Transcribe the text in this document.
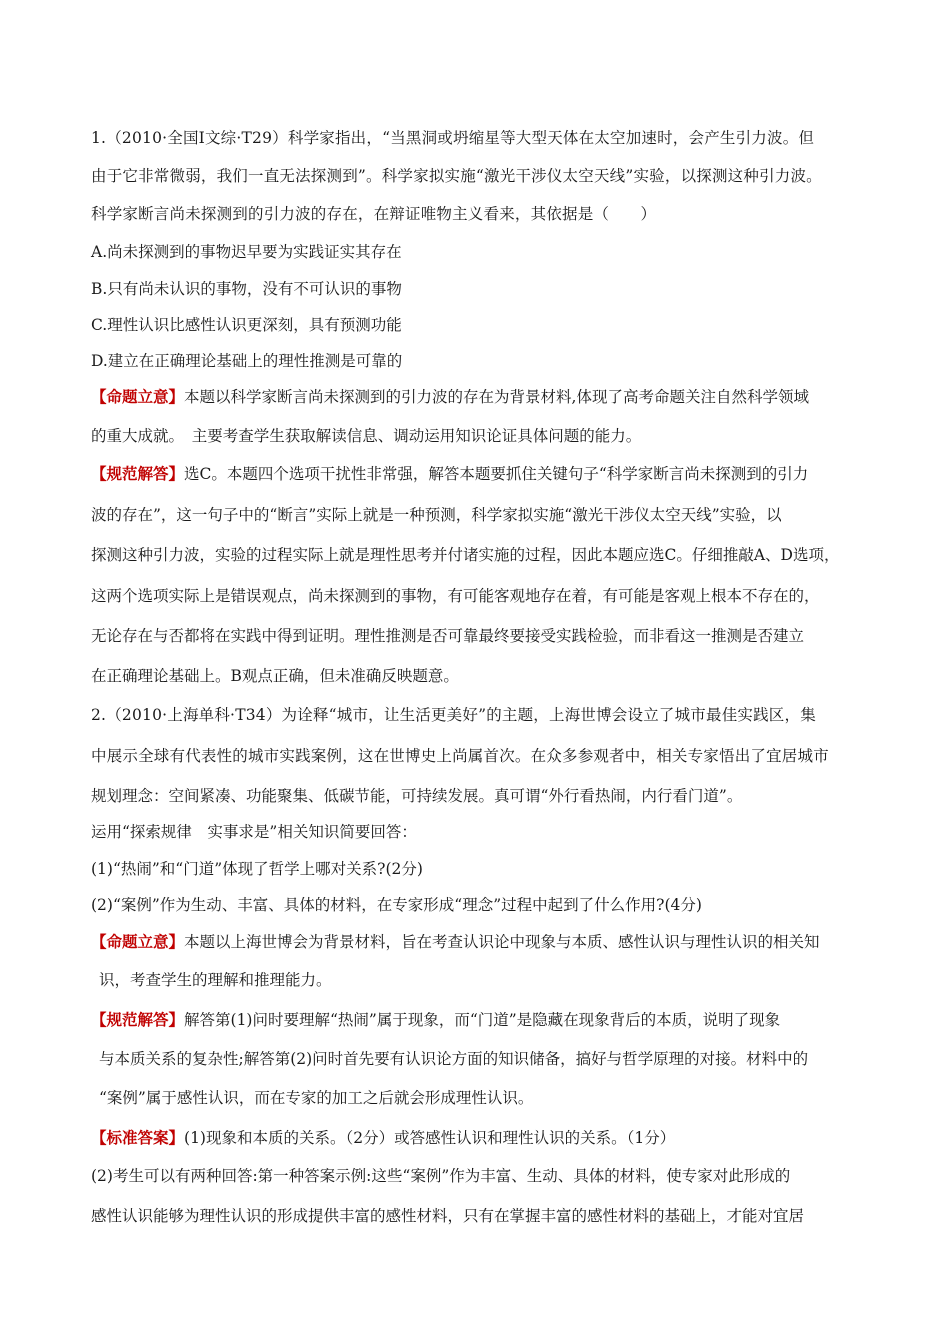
1.（2010·全国Ⅰ文综·T29）科学家指出，“当黑洞或坍缩星等大型天体在太空加速时，会产生引力波。但
由于它非常微弱，我们一直无法探测到”。科学家拟实施“激光干涉仪太空天线”实验，以探测这种引力波。
科学家断言尚未探测到的引力波的存在，在辩证唯物主义看来，其依据是（　　）
A.尚未探测到的事物迟早要为实践证实其存在
B.只有尚未认识的事物，没有不可认识的事物
C.理性认识比感性认识更深刻，具有预测功能
D.建立在正确理论基础上的理性推测是可靠的
【命题立意】本题以科学家断言尚未探测到的引力波的存在为背景材料,体现了高考命题关注自然科学领域
的重大成就。　主要考查学生获取解读信息、调动运用知识论证具体问题的能力。
【规范解答】选C。本题四个选项干扰性非常强，解答本题要抓住关键句子“科学家断言尚未探测到的引力
波的存在”，这一句子中的“断言”实际上就是一种预测，科学家拟实施“激光干涉仪太空天线”实验，以
探测这种引力波，实验的过程实际上就是理性思考并付诸实施的过程，因此本题应选C。仔细推敲A、D选项，
这两个选项实际上是错误观点，尚未探测到的事物，有可能客观地存在着，有可能是客观上根本不存在的，
无论存在与否都将在实践中得到证明。理性推测是否可靠最终要接受实践检验，而非看这一推测是否建立
在正确理论基础上。B观点正确，但未准确反映题意。
2.（2010·上海单科·T34）为诠释“城市，让生活更美好”的主题，上海世博会设立了城市最佳实践区，集
中展示全球有代表性的城市实践案例，这在世博史上尚属首次。在众多参观者中，相关专家悟出了宜居城市
规划理念：空间紧凑、功能聚集、低碳节能，可持续发展。真可谓“外行看热闹，内行看门道”。
运用“探索规律　实事求是”相关知识简要回答：
(1)“热闹”和“门道”体现了哲学上哪对关系?(2分)
(2)“案例”作为生动、丰富、具体的材料，在专家形成“理念”过程中起到了什么作用?(4分)
【命题立意】本题以上海世博会为背景材料，旨在考查认识论中现象与本质、感性认识与理性认识的相关知
识，考查学生的理解和推理能力。
【规范解答】解答第(1)问时要理解“热闹”属于现象，而“门道”是隐藏在现象背后的本质，说明了现象
与本质关系的复杂性;解答第(2)问时首先要有认识论方面的知识储备，搞好与哲学原理的对接。材料中的
“案例”属于感性认识，而在专家的加工之后就会形成理性认识。
【标准答案】(1)现象和本质的关系。（2分）或答感性认识和理性认识的关系。（1分）
(2)考生可以有两种回答:第一种答案示例:这些“案例”作为丰富、生动、具体的材料，使专家对此形成的
感性认识能够为理性认识的形成提供丰富的感性材料，只有在掌握丰富的感性材料的基础上，才能对宜居
